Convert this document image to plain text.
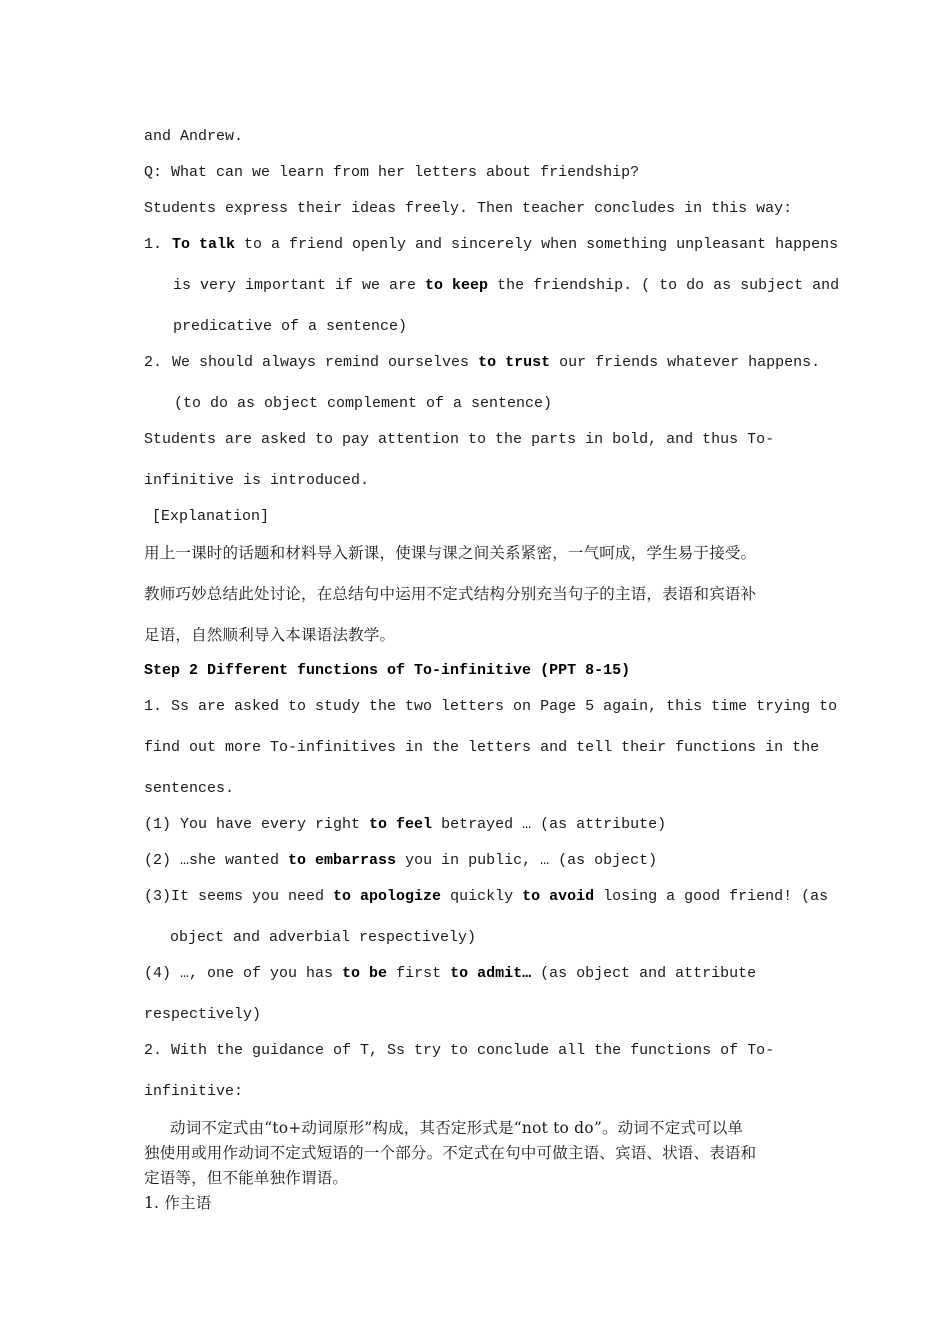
and Andrew.
Q: What can we learn from her letters about friendship?
Students express their ideas freely. Then teacher concludes in this way:
1. To talk to a friend openly and sincerely when something unpleasant happens
is very important if we are to keep the friendship. ( to do as subject and
predicative of a sentence)
2. We should always remind ourselves to trust our friends whatever happens.
(to do as object complement of a sentence)
Students are asked to pay attention to the parts in bold, and thus To-
infinitive is introduced.
[Explanation]
用上一课时的话题和材料导入新课，使课与课之间关系紧密，一气呵成，学生易于接受。
教师巧妙总结此处讨论，在总结句中运用不定式结构分别充当句子的主语，表语和宾语补
足语，自然顺利导入本课语法教学。
Step 2 Different functions of To-infinitive (PPT 8-15)
1. Ss are asked to study the two letters on Page 5 again, this time trying to
find out more To-infinitives in the letters and tell their functions in the
sentences.
(1) You have every right to feel betrayed … (as attribute)
(2) …she wanted to embarrass you in public, … (as object)
(3)It seems you need to apologize quickly to avoid losing a good friend! (as
object and adverbial respectively)
(4) …, one of you has to be first to admit… (as object and attribute
respectively)
2. With the guidance of T, Ss try to conclude all the functions of To-
infinitive:
动词不定式由“to+动词原形”构成，其否定形式是“not to do”。动词不定式可以单
独使用或用作动词不定式短语的一个部分。不定式在句中可做主语、宾语、状语、表语和
定语等，但不能单独作谓语。
1. 作主语
